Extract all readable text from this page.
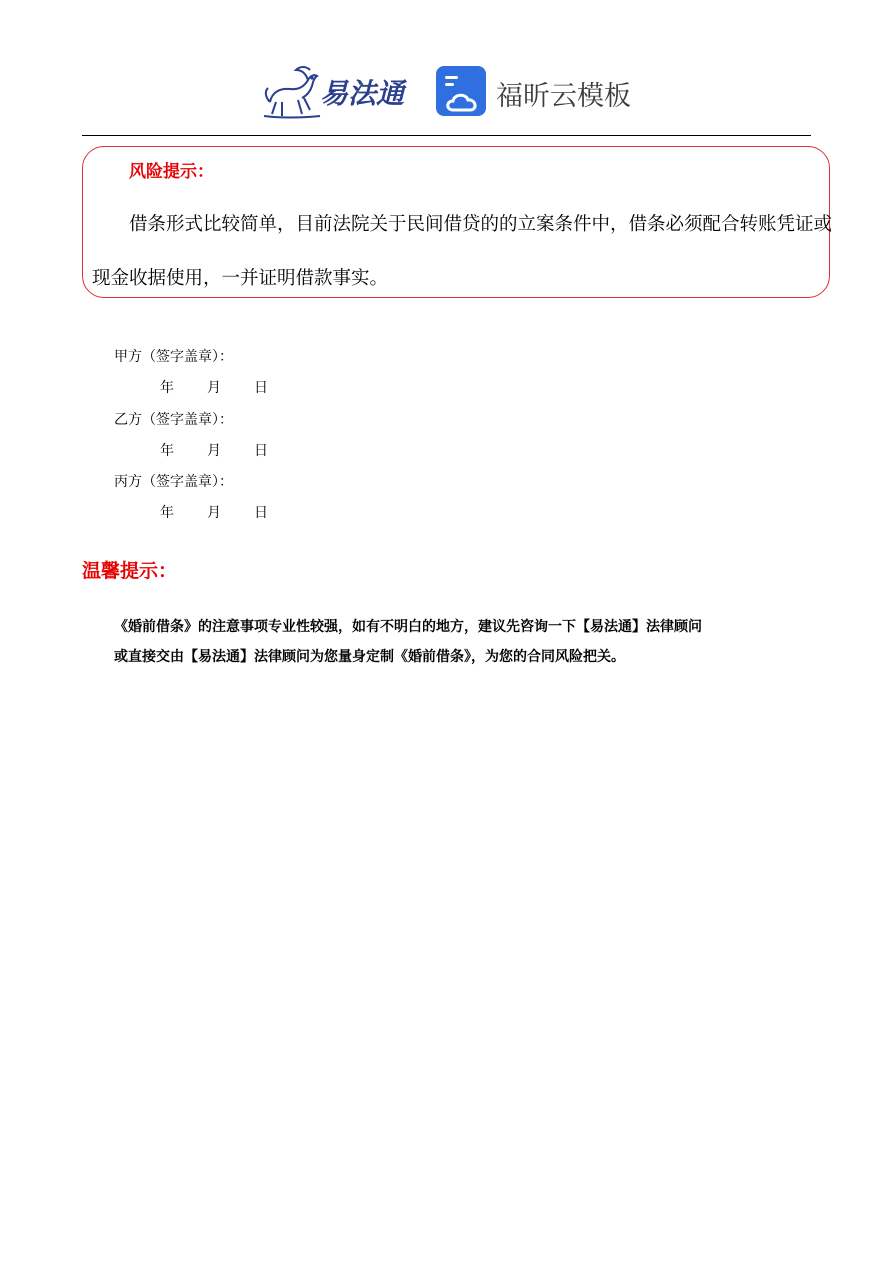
易法通	福昕云模板
风险提示：
借条形式比较简单，目前法院关于民间借贷的的立案条件中，借条必须配合转账凭证或
现金收据使用，一并证明借款事实。
甲方（签字盖章）：
年 月 日
乙方（签字盖章）：
年 月 日
丙方（签字盖章）：
年 月 日
温馨提示：
《婚前借条》的注意事项专业性较强，如有不明白的地方，建议先咨询一下【易法通】法律顾问
或直接交由【易法通】法律顾问为您量身定制《婚前借条》，为您的合同风险把关。
